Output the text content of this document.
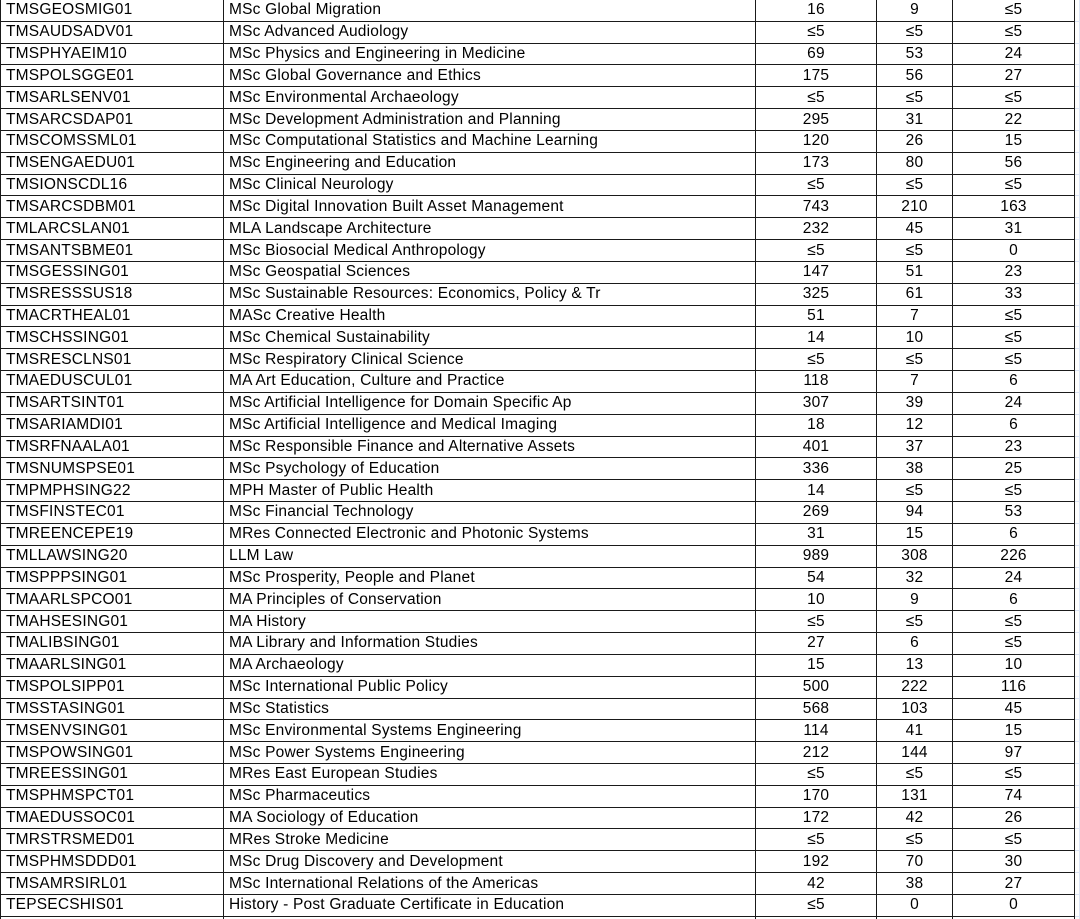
TMSGEOSMIG01	MSc Global Migration	16	9	≤5
TMSAUDSADV01	MSc Advanced Audiology	≤5	≤5	≤5
TMSPHYAEIM10	MSc Physics and Engineering in Medicine	69	53	24
TMSPOLSGGE01	MSc Global Governance and Ethics	175	56	27
TMSARLSENV01	MSc Environmental Archaeology	≤5	≤5	≤5
TMSARCSDAP01	MSc Development Administration and Planning	295	31	22
TMSCOMSSML01	MSc Computational Statistics and Machine Learning	120	26	15
TMSENGAEDU01	MSc Engineering and Education	173	80	56
TMSIONSCDL16	MSc Clinical Neurology	≤5	≤5	≤5
TMSARCSDBM01	MSc Digital Innovation Built Asset Management	743	210	163
TMLARCSLAN01	MLA Landscape Architecture	232	45	31
TMSANTSBME01	MSc Biosocial Medical Anthropology	≤5	≤5	0
TMSGESSING01	MSc Geospatial Sciences	147	51	23
TMSRESSSUS18	MSc Sustainable Resources: Economics, Policy & Tr	325	61	33
TMACRTHEAL01	MASc Creative Health	51	7	≤5
TMSCHSSING01	MSc Chemical Sustainability	14	10	≤5
TMSRESCLNS01	MSc Respiratory Clinical Science	≤5	≤5	≤5
TMAEDUSCUL01	MA Art Education, Culture and Practice	118	7	6
TMSARTSINT01	MSc Artificial Intelligence for Domain Specific Ap	307	39	24
TMSARIAMDI01	MSc Artificial Intelligence and Medical Imaging	18	12	6
TMSRFNAALA01	MSc Responsible Finance and Alternative Assets	401	37	23
TMSNUMSPSE01	MSc Psychology of Education	336	38	25
TMPMPHSING22	MPH Master of Public Health	14	≤5	≤5
TMSFINSTEC01	MSc Financial Technology	269	94	53
TMREENCEPE19	MRes Connected Electronic and Photonic Systems	31	15	6
TMLLAWSING20	LLM Law	989	308	226
TMSPPPSING01	MSc Prosperity, People and Planet	54	32	24
TMAARLSPCO01	MA Principles of Conservation	10	9	6
TMAHSESING01	MA History	≤5	≤5	≤5
TMALIBSING01	MA Library and Information Studies	27	6	≤5
TMAARLSING01	MA Archaeology	15	13	10
TMSPOLSIPP01	MSc International Public Policy	500	222	116
TMSSTASING01	MSc Statistics	568	103	45
TMSENVSING01	MSc Environmental Systems Engineering	114	41	15
TMSPOWSING01	MSc Power Systems Engineering	212	144	97
TMREESSING01	MRes East European Studies	≤5	≤5	≤5
TMSPHMSPCT01	MSc Pharmaceutics	170	131	74
TMAEDUSSOC01	MA Sociology of Education	172	42	26
TMRSTRSMED01	MRes Stroke Medicine	≤5	≤5	≤5
TMSPHMSDDD01	MSc Drug Discovery and Development	192	70	30
TMSAMRSIRL01	MSc International Relations of the Americas	42	38	27
TEPSECSHIS01	History - Post Graduate Certificate in Education	≤5	0	0
